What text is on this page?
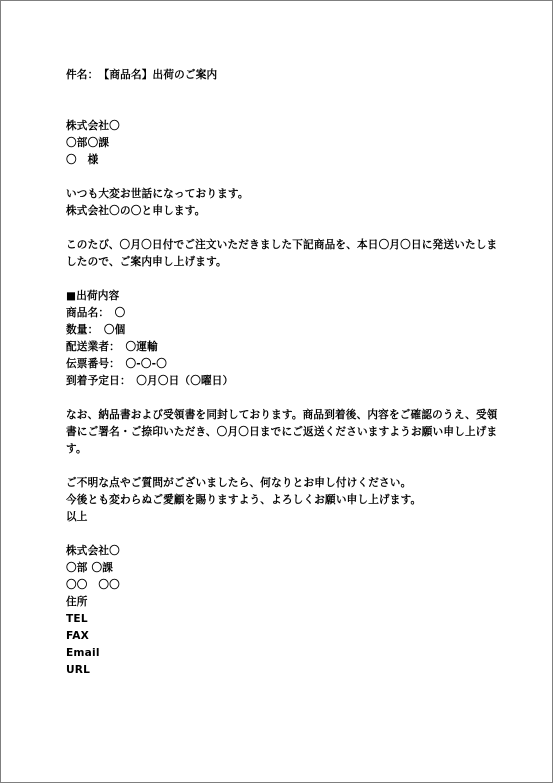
件名：　【商品名】出荷のご案内
株式会社〇
〇部〇課
〇　様
いつも大変お世話になっております。
株式会社〇の〇と申します。
このたび、〇月〇日付でご注文いただきました下記商品を、本日〇月〇日に発送いたしましたので、ご案内申し上げます。
■出荷内容
商品名：　〇
数量：　〇個
配送業者：　〇運輸
伝票番号：　〇-〇-〇
到着予定日：　〇月〇日（〇曜日）
なお、納品書および受領書を同封しております。商品到着後、内容をご確認のうえ、受領書にご署名・ご捺印いただき、〇月〇日までにご返送くださいますようお願い申し上げます。
ご不明な点やご質問がございましたら、何なりとお申し付けください。
今後とも変わらぬご愛顧を賜りますよう、よろしくお願い申し上げます。
以上
株式会社〇
〇部 〇課
〇〇　〇〇
住所
TEL
FAX
Email
URL
